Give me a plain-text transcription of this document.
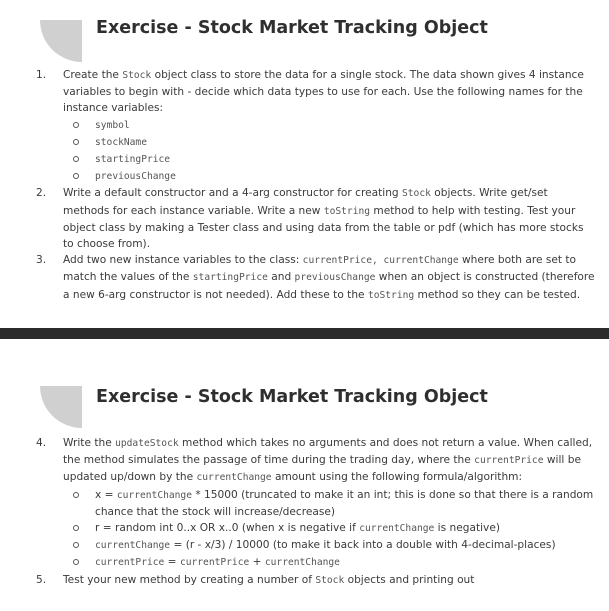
Exercise - Stock Market Tracking Object
1. Create the Stock object class to store the data for a single stock. The data shown gives 4 instance variables to begin with - decide which data types to use for each. Use the following names for the instance variables:
symbol
stockName
startingPrice
previousChange
2. Write a default constructor and a 4-arg constructor for creating Stock objects. Write get/set methods for each instance variable. Write a new toString method to help with testing. Test your object class by making a Tester class and using data from the table or pdf (which has more stocks to choose from).
3. Add two new instance variables to the class: currentPrice, currentChange where both are set to match the values of the startingPrice and previousChange when an object is constructed (therefore a new 6-arg constructor is not needed). Add these to the toString method so they can be tested.
Exercise - Stock Market Tracking Object
4. Write the updateStock method which takes no arguments and does not return a value. When called, the method simulates the passage of time during the trading day, where the currentPrice will be updated up/down by the currentChange amount using the following formula/algorithm:
x = currentChange * 15000 (truncated to make it an int; this is done so that there is a random chance that the stock will increase/decrease)
r = random int 0..x OR x..0 (when x is negative if currentChange is negative)
currentChange = (r - x/3) / 10000 (to make it back into a double with 4-decimal-places)
currentPrice = currentPrice + currentChange
5. Test your new method by creating a number of Stock objects and printing out
